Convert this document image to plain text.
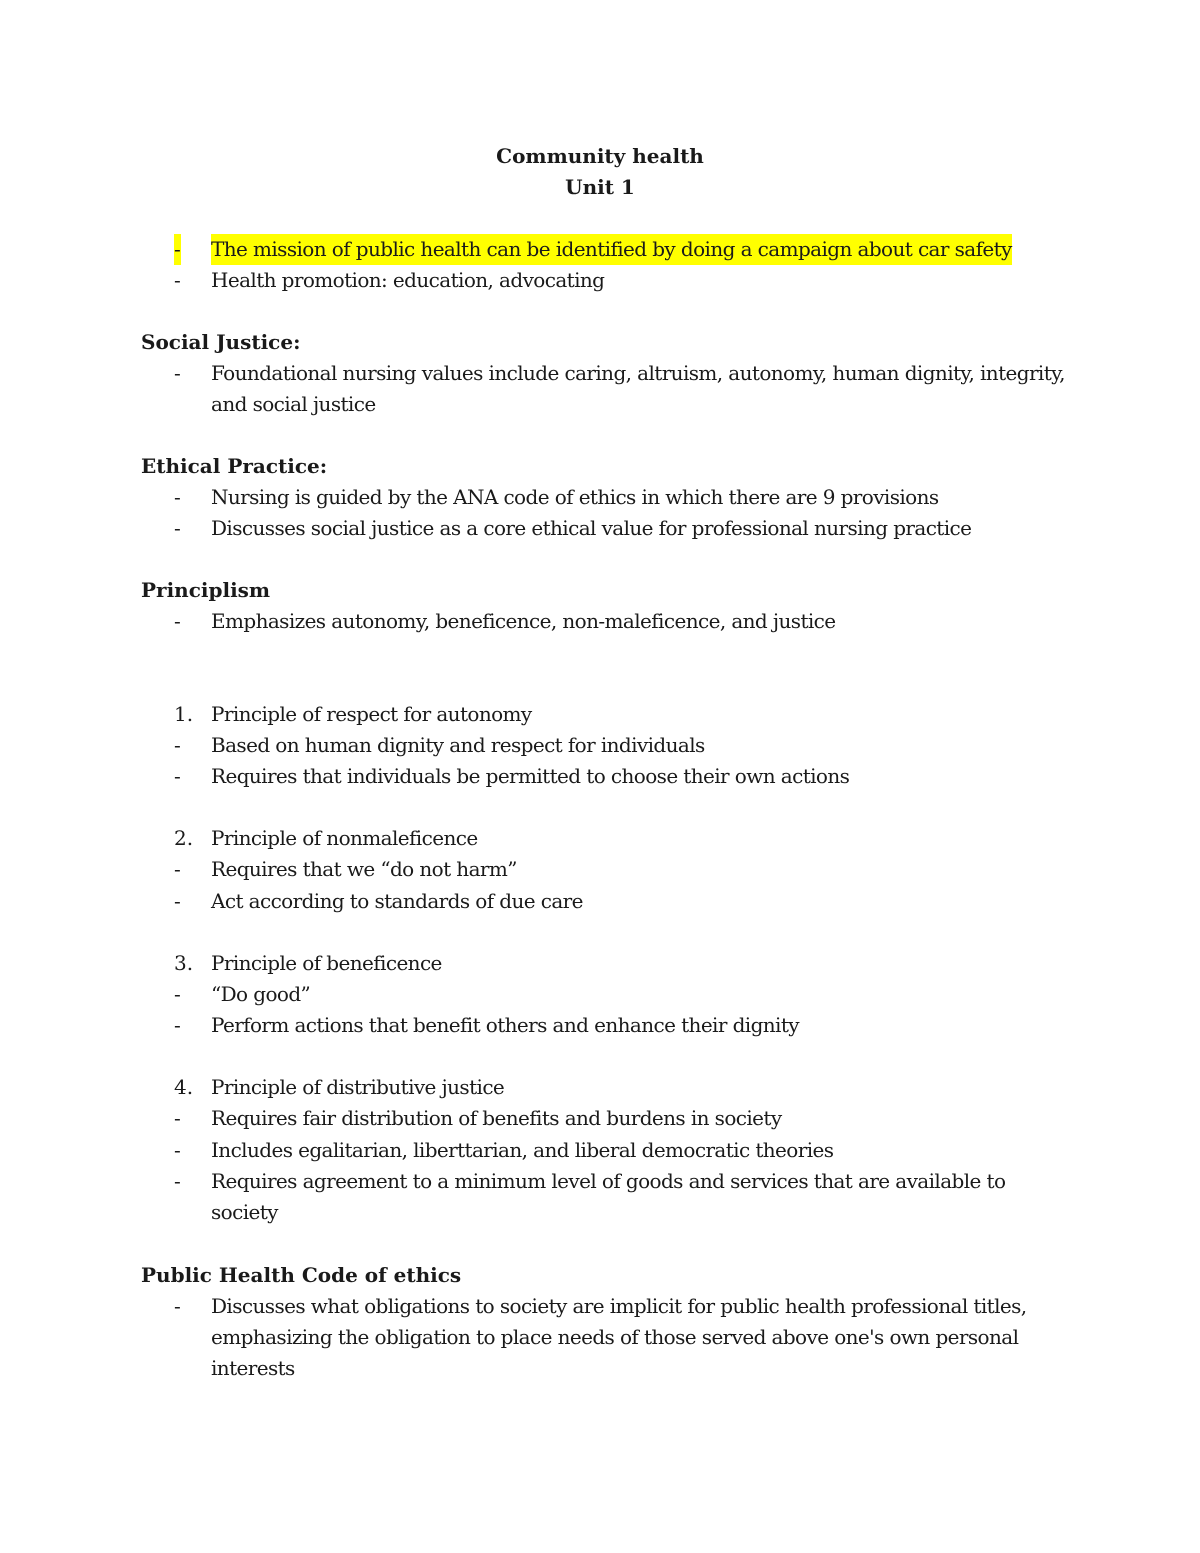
Community health
Unit 1
- The mission of public health can be identified by doing a campaign about car safety
- Health promotion: education, advocating
Social Justice:
- Foundational nursing values include caring, altruism, autonomy, human dignity, integrity, and social justice
Ethical Practice:
- Nursing is guided by the ANA code of ethics in which there are 9 provisions
- Discusses social justice as a core ethical value for professional nursing practice
Principlism
- Emphasizes autonomy, beneficence, non-maleficence, and justice
1. Principle of respect for autonomy
- Based on human dignity and respect for individuals
- Requires that individuals be permitted to choose their own actions
2. Principle of nonmaleficence
- Requires that we “do not harm”
- Act according to standards of due care
3. Principle of beneficence
- “Do good”
- Perform actions that benefit others and enhance their dignity
4. Principle of distributive justice
- Requires fair distribution of benefits and burdens in society
- Includes egalitarian, liberttarian, and liberal democratic theories
- Requires agreement to a minimum level of goods and services that are available to society
Public Health Code of ethics
- Discusses what obligations to society are implicit for public health professional titles, emphasizing the obligation to place needs of those served above one's own personal interests
